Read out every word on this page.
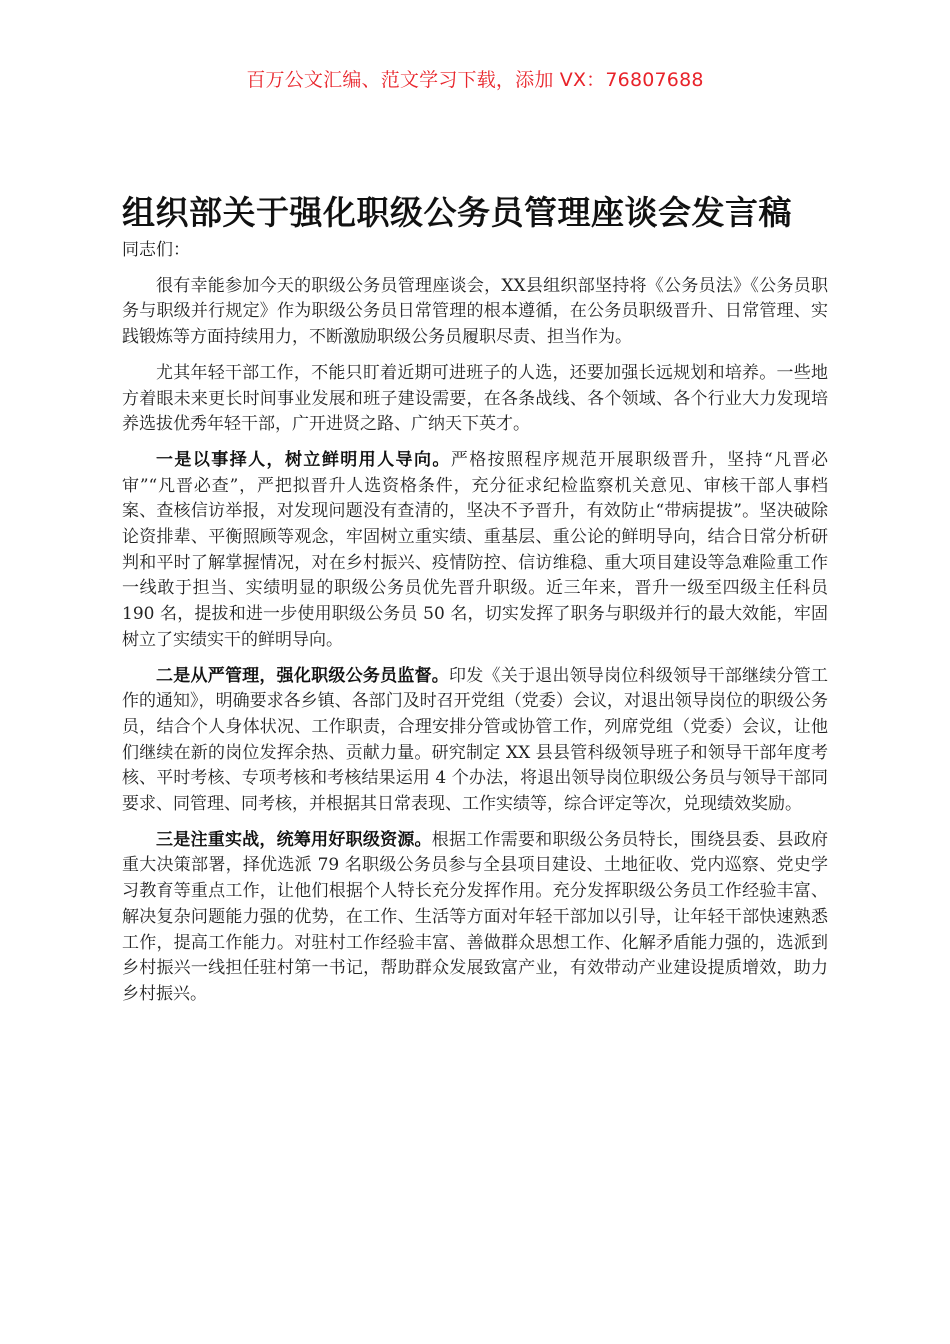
百万公文汇编、范文学习下载，添加 VX：76807688
组织部关于强化职级公务员管理座谈会发言稿

同志们：

很有幸能参加今天的职级公务员管理座谈会，XX县组织部坚持将《公务员法》《公务员职务与职级并行规定》作为职级公务员日常管理的根本遵循，在公务员职级晋升、日常管理、实践锻炼等方面持续用力，不断激励职级公务员履职尽责、担当作为。

尤其年轻干部工作，不能只盯着近期可进班子的人选，还要加强长远规划和培养。一些地方着眼未来更长时间事业发展和班子建设需要，在各条战线、各个领域、各个行业大力发现培养选拔优秀年轻干部，广开进贤之路、广纳天下英才。

一是以事择人，树立鲜明用人导向。严格按照程序规范开展职级晋升，坚持“凡晋必审”“凡晋必查”，严把拟晋升人选资格条件，充分征求纪检监察机关意见、审核干部人事档案、查核信访举报，对发现问题没有查清的，坚决不予晋升，有效防止“带病提拔”。坚决破除论资排辈、平衡照顾等观念，牢固树立重实绩、重基层、重公论的鲜明导向，结合日常分析研判和平时了解掌握情况，对在乡村振兴、疫情防控、信访维稳、重大项目建设等急难险重工作一线敢于担当、实绩明显的职级公务员优先晋升职级。近三年来，晋升一级至四级主任科员 190 名，提拔和进一步使用职级公务员 50 名，切实发挥了职务与职级并行的最大效能，牢固树立了实绩实干的鲜明导向。

二是从严管理，强化职级公务员监督。印发《关于退出领导岗位科级领导干部继续分管工作的通知》，明确要求各乡镇、各部门及时召开党组（党委）会议，对退出领导岗位的职级公务员，结合个人身体状况、工作职责，合理安排分管或协管工作，列席党组（党委）会议，让他们继续在新的岗位发挥余热、贡献力量。研究制定 XX 县县管科级领导班子和领导干部年度考核、平时考核、专项考核和考核结果运用 4 个办法，将退出领导岗位职级公务员与领导干部同要求、同管理、同考核，并根据其日常表现、工作实绩等，综合评定等次，兑现绩效奖励。

三是注重实战，统筹用好职级资源。根据工作需要和职级公务员特长，围绕县委、县政府重大决策部署，择优选派 79 名职级公务员参与全县项目建设、土地征收、党内巡察、党史学习教育等重点工作，让他们根据个人特长充分发挥作用。充分发挥职级公务员工作经验丰富、解决复杂问题能力强的优势，在工作、生活等方面对年轻干部加以引导，让年轻干部快速熟悉工作，提高工作能力。对驻村工作经验丰富、善做群众思想工作、化解矛盾能力强的，选派到乡村振兴一线担任驻村第一书记，帮助群众发展致富产业，有效带动产业建设提质增效，助力乡村振兴。
